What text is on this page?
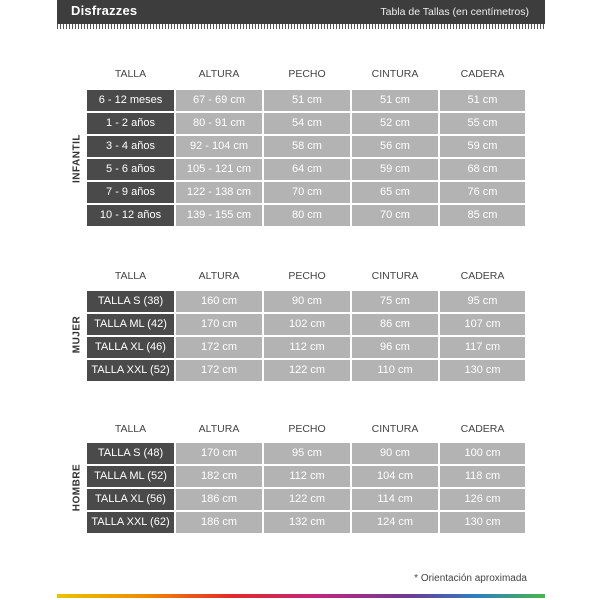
Disfrazzes	Tabla de Tallas (en centímetros)
TALLA	ALTURA	PECHO	CINTURA	CADERA
6 - 12 meses	67 - 69 cm	51 cm	51 cm	51 cm
1 - 2 años	80 - 91 cm	54 cm	52 cm	55 cm
3 - 4 años	92 - 104 cm	58 cm	56 cm	59 cm
5 - 6 años	105 - 121 cm	64 cm	59 cm	68 cm
7 - 9 años	122 - 138 cm	70 cm	65 cm	76 cm
10 - 12 años	139 - 155 cm	80 cm	70 cm	85 cm
INFANTIL
TALLA	ALTURA	PECHO	CINTURA	CADERA
TALLA S (38)	160 cm	90 cm	75 cm	95 cm
TALLA ML (42)	170 cm	102 cm	86 cm	107 cm
TALLA XL (46)	172 cm	112 cm	96 cm	117 cm
TALLA XXL (52)	172 cm	122 cm	110 cm	130 cm
MUJER
TALLA	ALTURA	PECHO	CINTURA	CADERA
TALLA S (48)	170 cm	95 cm	90 cm	100 cm
TALLA ML (52)	182 cm	112 cm	104 cm	118 cm
TALLA XL (56)	186 cm	122 cm	114 cm	126 cm
TALLA XXL (62)	186 cm	132 cm	124 cm	130 cm
HOMBRE
* Orientación aproximada
